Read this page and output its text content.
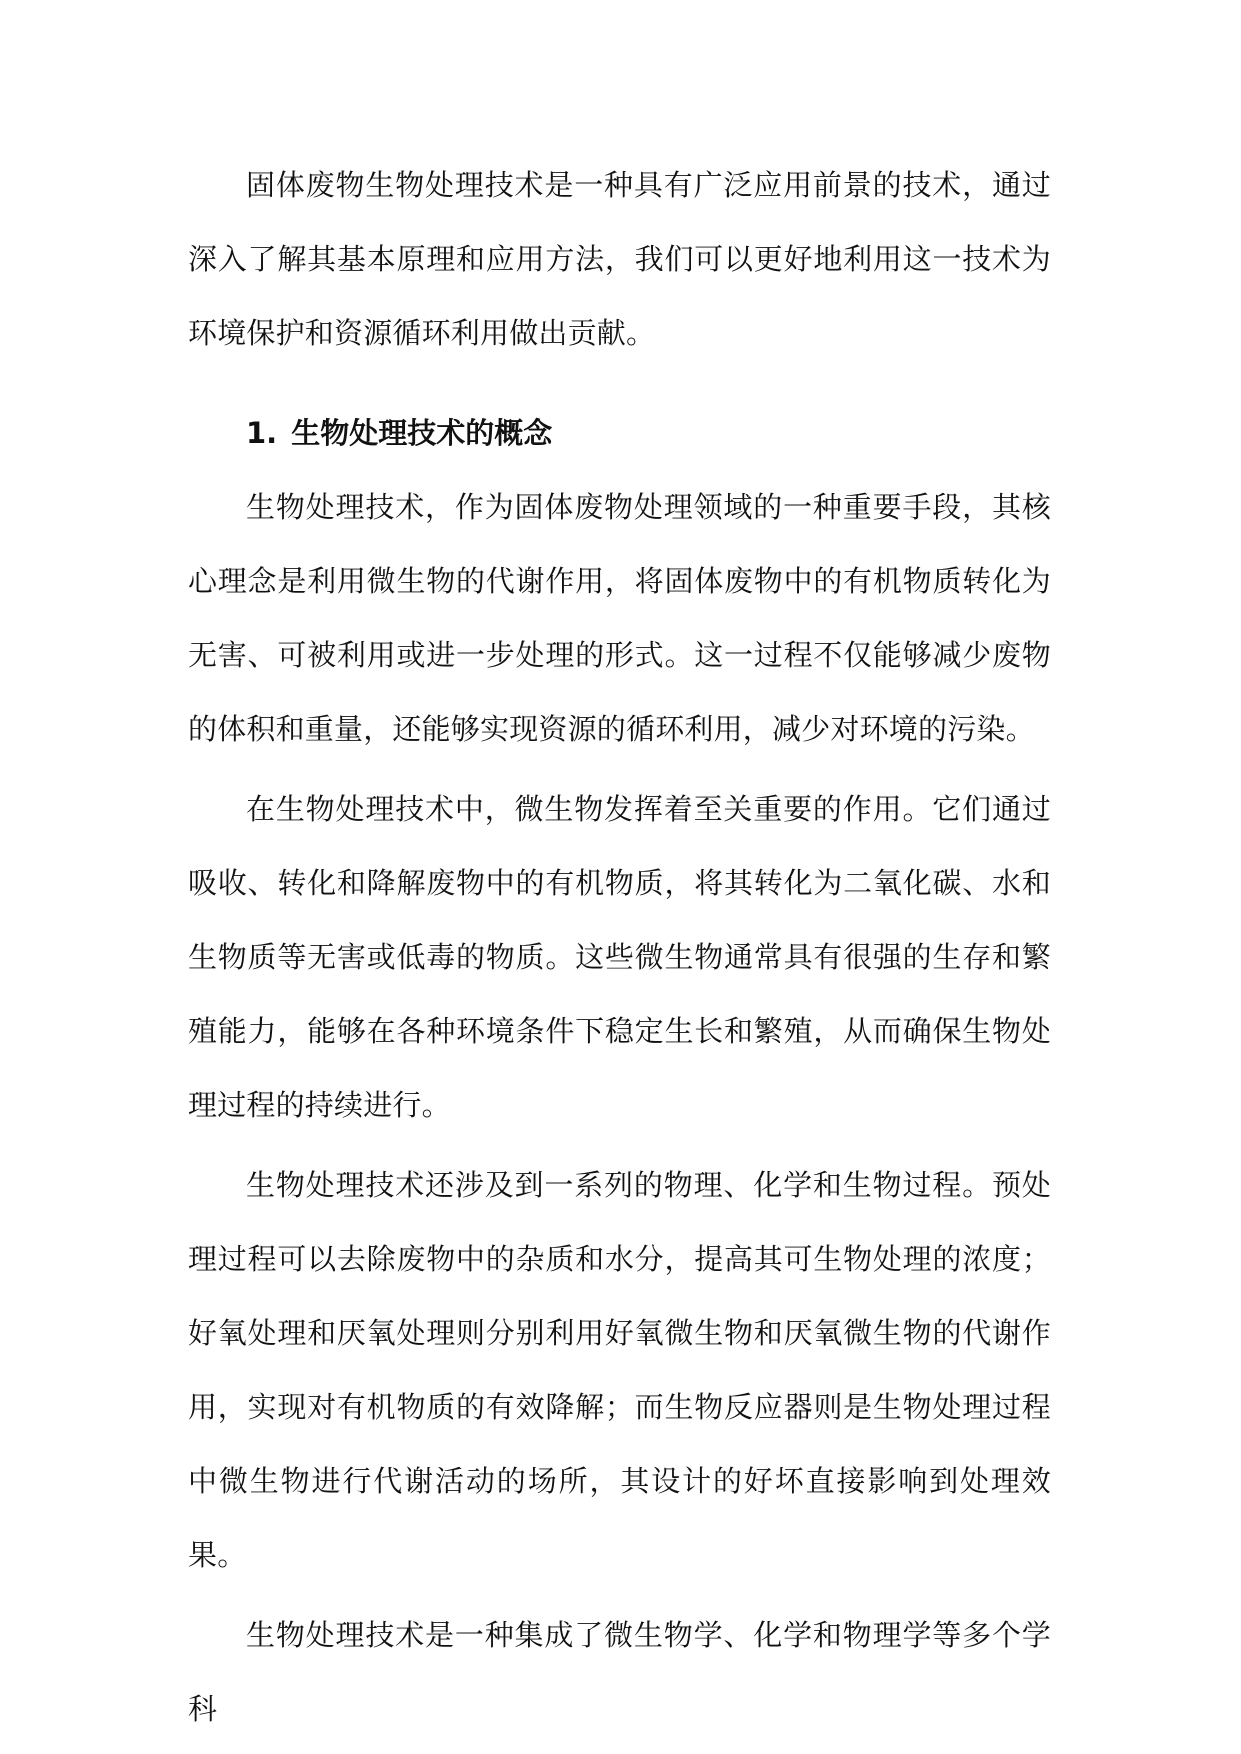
固体废物生物处理技术是一种具有广泛应用前景的技术，通过深入了解其基本原理和应用方法，我们可以更好地利用这一技术为环境保护和资源循环利用做出贡献。

1. 生物处理技术的概念

生物处理技术，作为固体废物处理领域的一种重要手段，其核心理念是利用微生物的代谢作用，将固体废物中的有机物质转化为无害、可被利用或进一步处理的形式。这一过程不仅能够减少废物的体积和重量，还能够实现资源的循环利用，减少对环境的污染。

在生物处理技术中，微生物发挥着至关重要的作用。它们通过吸收、转化和降解废物中的有机物质，将其转化为二氧化碳、水和生物质等无害或低毒的物质。这些微生物通常具有很强的生存和繁殖能力，能够在各种环境条件下稳定生长和繁殖，从而确保生物处理过程的持续进行。

生物处理技术还涉及到一系列的物理、化学和生物过程。预处理过程可以去除废物中的杂质和水分，提高其可生物处理的浓度；好氧处理和厌氧处理则分别利用好氧微生物和厌氧微生物的代谢作用，实现对有机物质的有效降解；而生物反应器则是生物处理过程中微生物进行代谢活动的场所，其设计的好坏直接影响到处理效果。

生物处理技术是一种集成了微生物学、化学和物理学等多个学科
